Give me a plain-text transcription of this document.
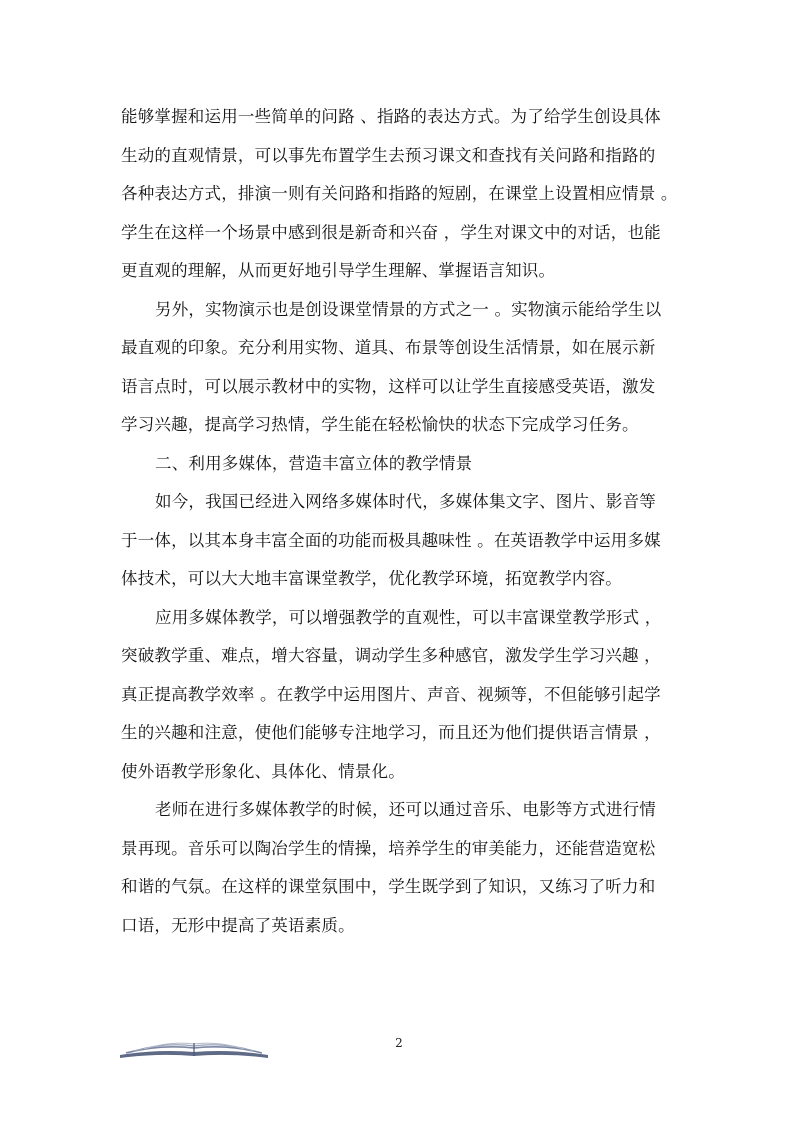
能够掌握和运用一些简单的问路 、指路的表达方式。为了给学生创设具体
生动的直观情景，可以事先布置学生去预习课文和查找有关问路和指路的
各种表达方式，排演一则有关问路和指路的短剧，在课堂上设置相应情景 。
学生在这样一个场景中感到很是新奇和兴奋 ，学生对课文中的对话，也能
更直观的理解，从而更好地引导学生理解、掌握语言知识。
另外，实物演示也是创设课堂情景的方式之一 。实物演示能给学生以
最直观的印象。充分利用实物、道具、布景等创设生活情景，如在展示新
语言点时，可以展示教材中的实物，这样可以让学生直接感受英语，激发
学习兴趣，提高学习热情，学生能在轻松愉快的状态下完成学习任务。
二、利用多媒体，营造丰富立体的教学情景
如今，我国已经进入网络多媒体时代，多媒体集文字、图片、影音等
于一体，以其本身丰富全面的功能而极具趣味性 。在英语教学中运用多媒
体技术，可以大大地丰富课堂教学，优化教学环境，拓宽教学内容。
应用多媒体教学，可以增强教学的直观性，可以丰富课堂教学形式 ，
突破教学重、难点，增大容量，调动学生多种感官，激发学生学习兴趣 ，
真正提高教学效率 。在教学中运用图片、声音、视频等，不但能够引起学
生的兴趣和注意，使他们能够专注地学习，而且还为他们提供语言情景 ，
使外语教学形象化、具体化、情景化。
老师在进行多媒体教学的时候，还可以通过音乐、电影等方式进行情
景再现。音乐可以陶冶学生的情操，培养学生的审美能力，还能营造宽松
和谐的气氛。在这样的课堂氛围中，学生既学到了知识，又练习了听力和
口语，无形中提高了英语素质。
2
